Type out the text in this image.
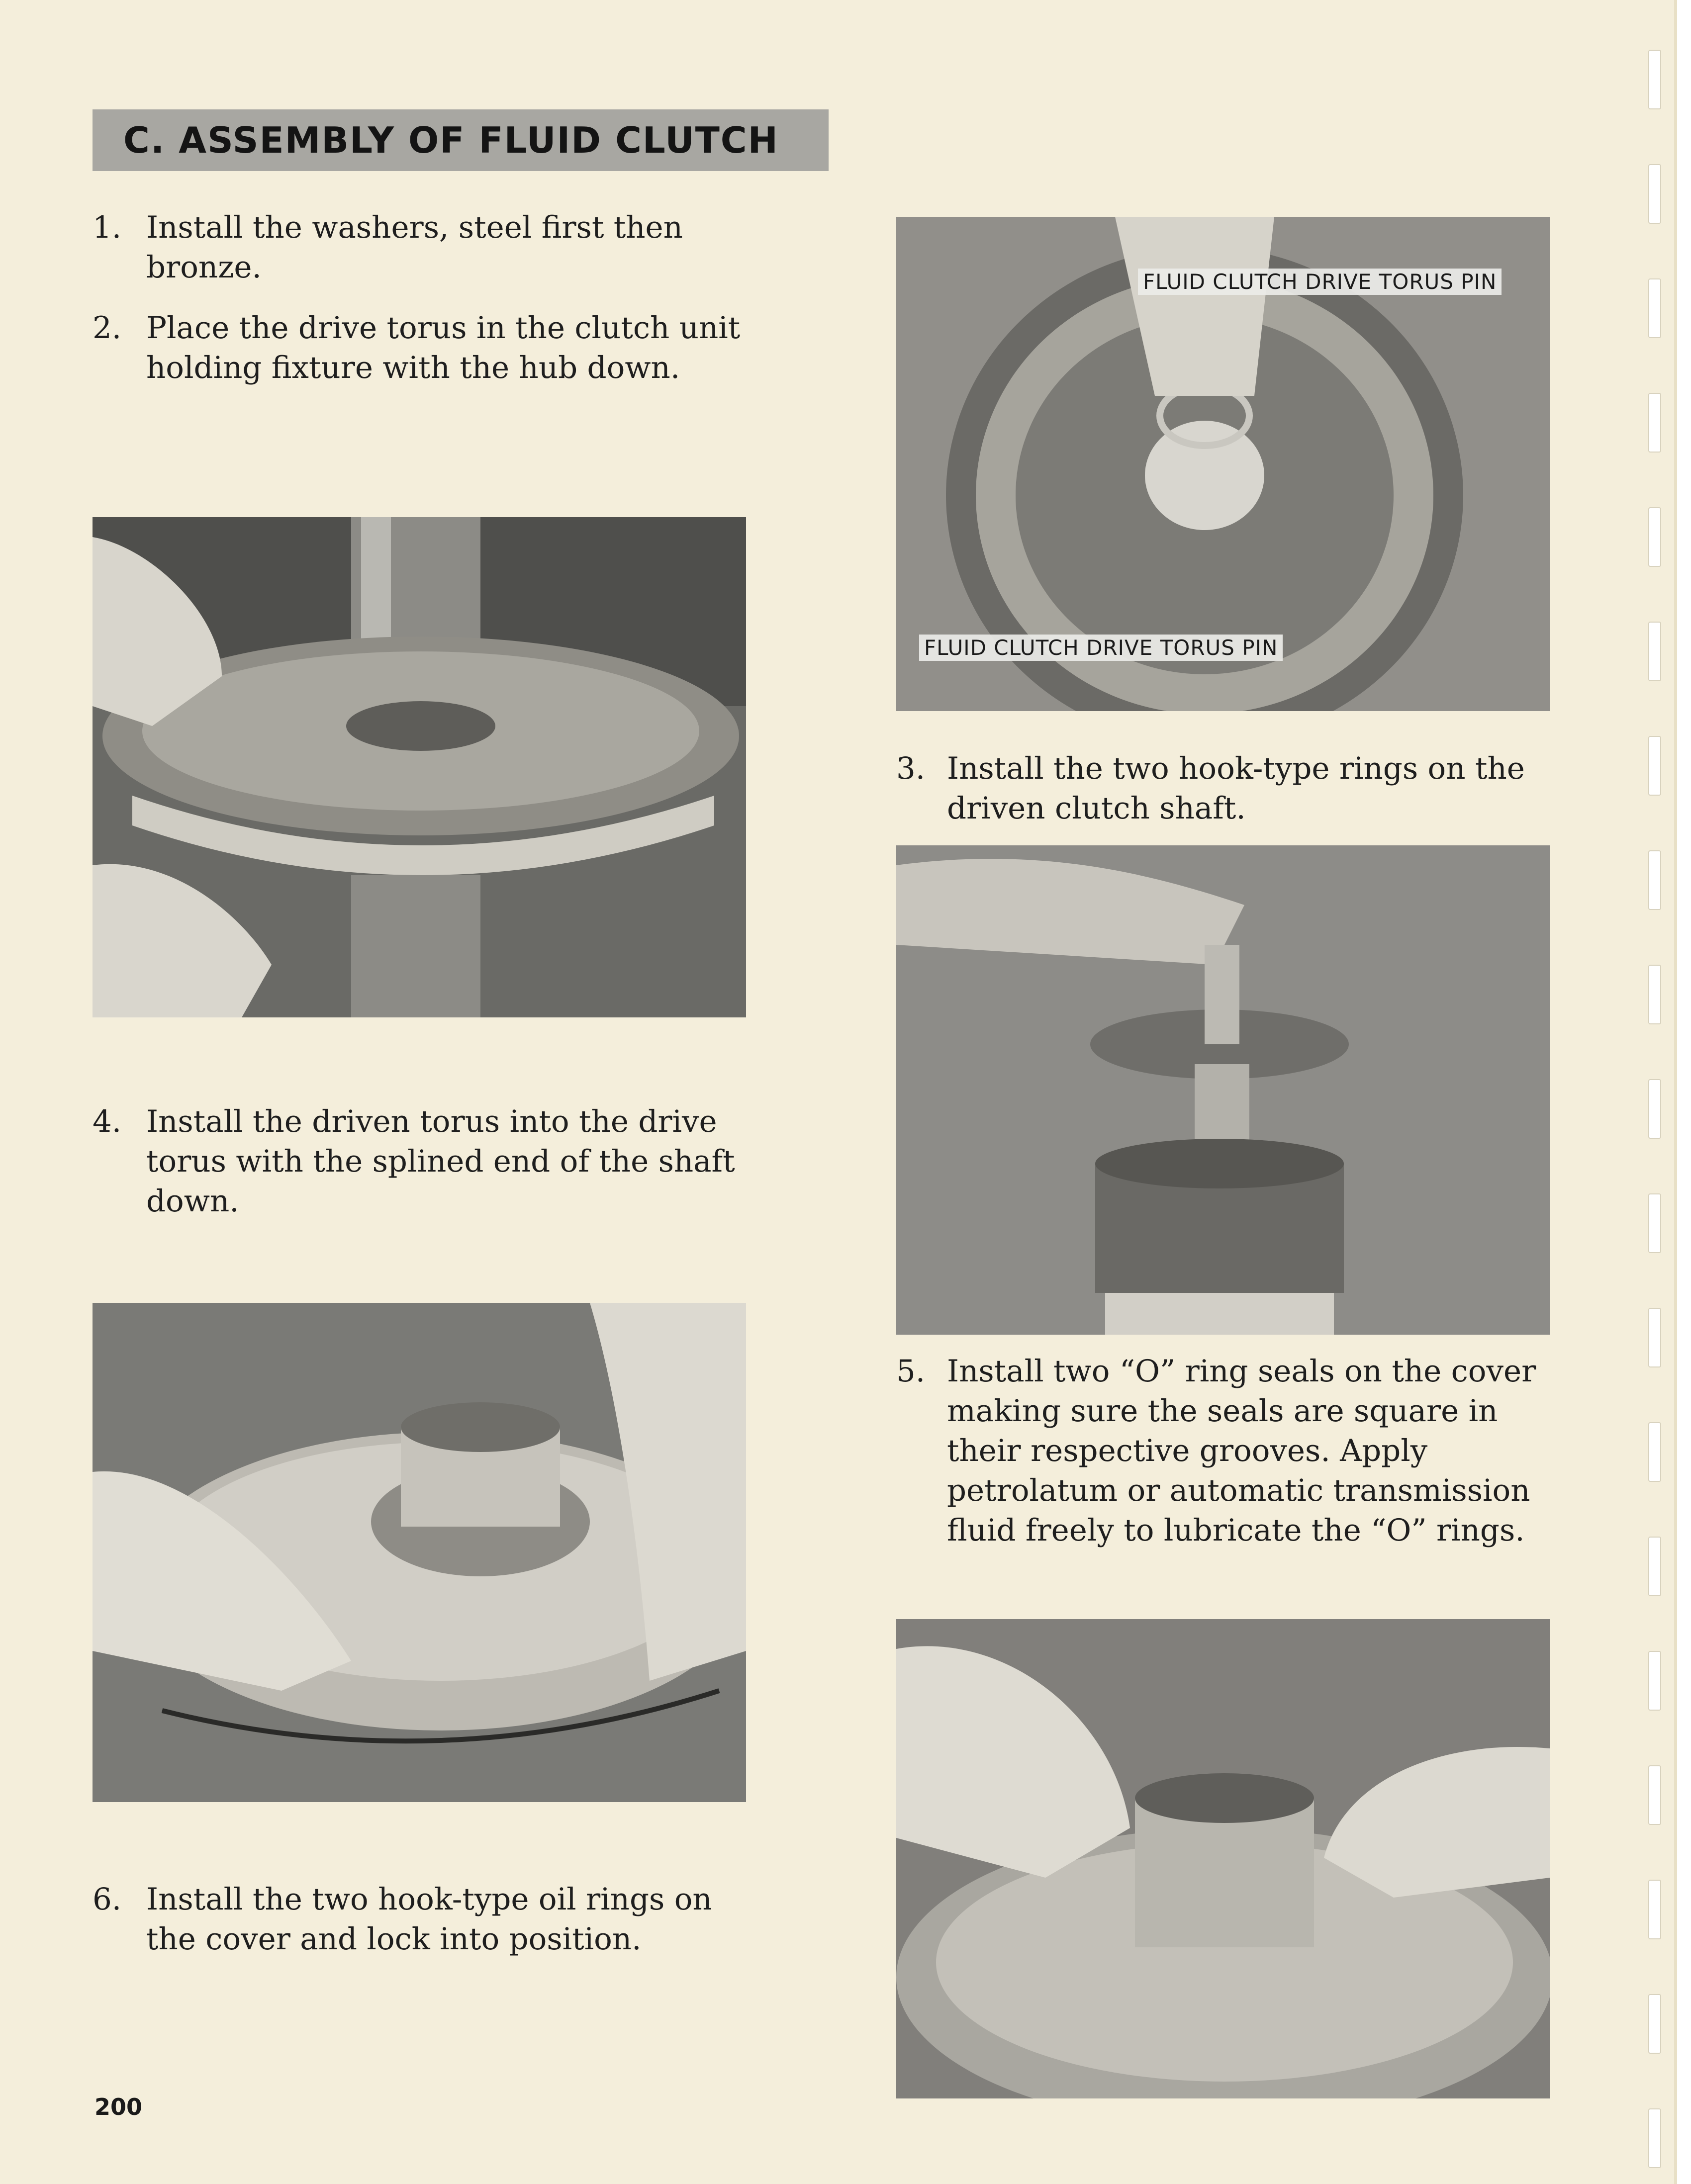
C. ASSEMBLY OF FLUID CLUTCH
1. Install the washers, steel first then bronze.
2. Place the drive torus in the clutch unit holding fixture with the hub down.
4. Install the driven torus into the drive torus with the splined end of the shaft down.
6. Install the two hook-type oil rings on the cover and lock into position.
FLUID CLUTCH DRIVE TORUS PIN
FLUID CLUTCH DRIVE TORUS PIN
3. Install the two hook-type rings on the driven clutch shaft.
5. Install two “O” ring seals on the cover making sure the seals are square in their respective grooves. Apply petrolatum or automatic transmission fluid freely to lubricate the “O” rings.
200
